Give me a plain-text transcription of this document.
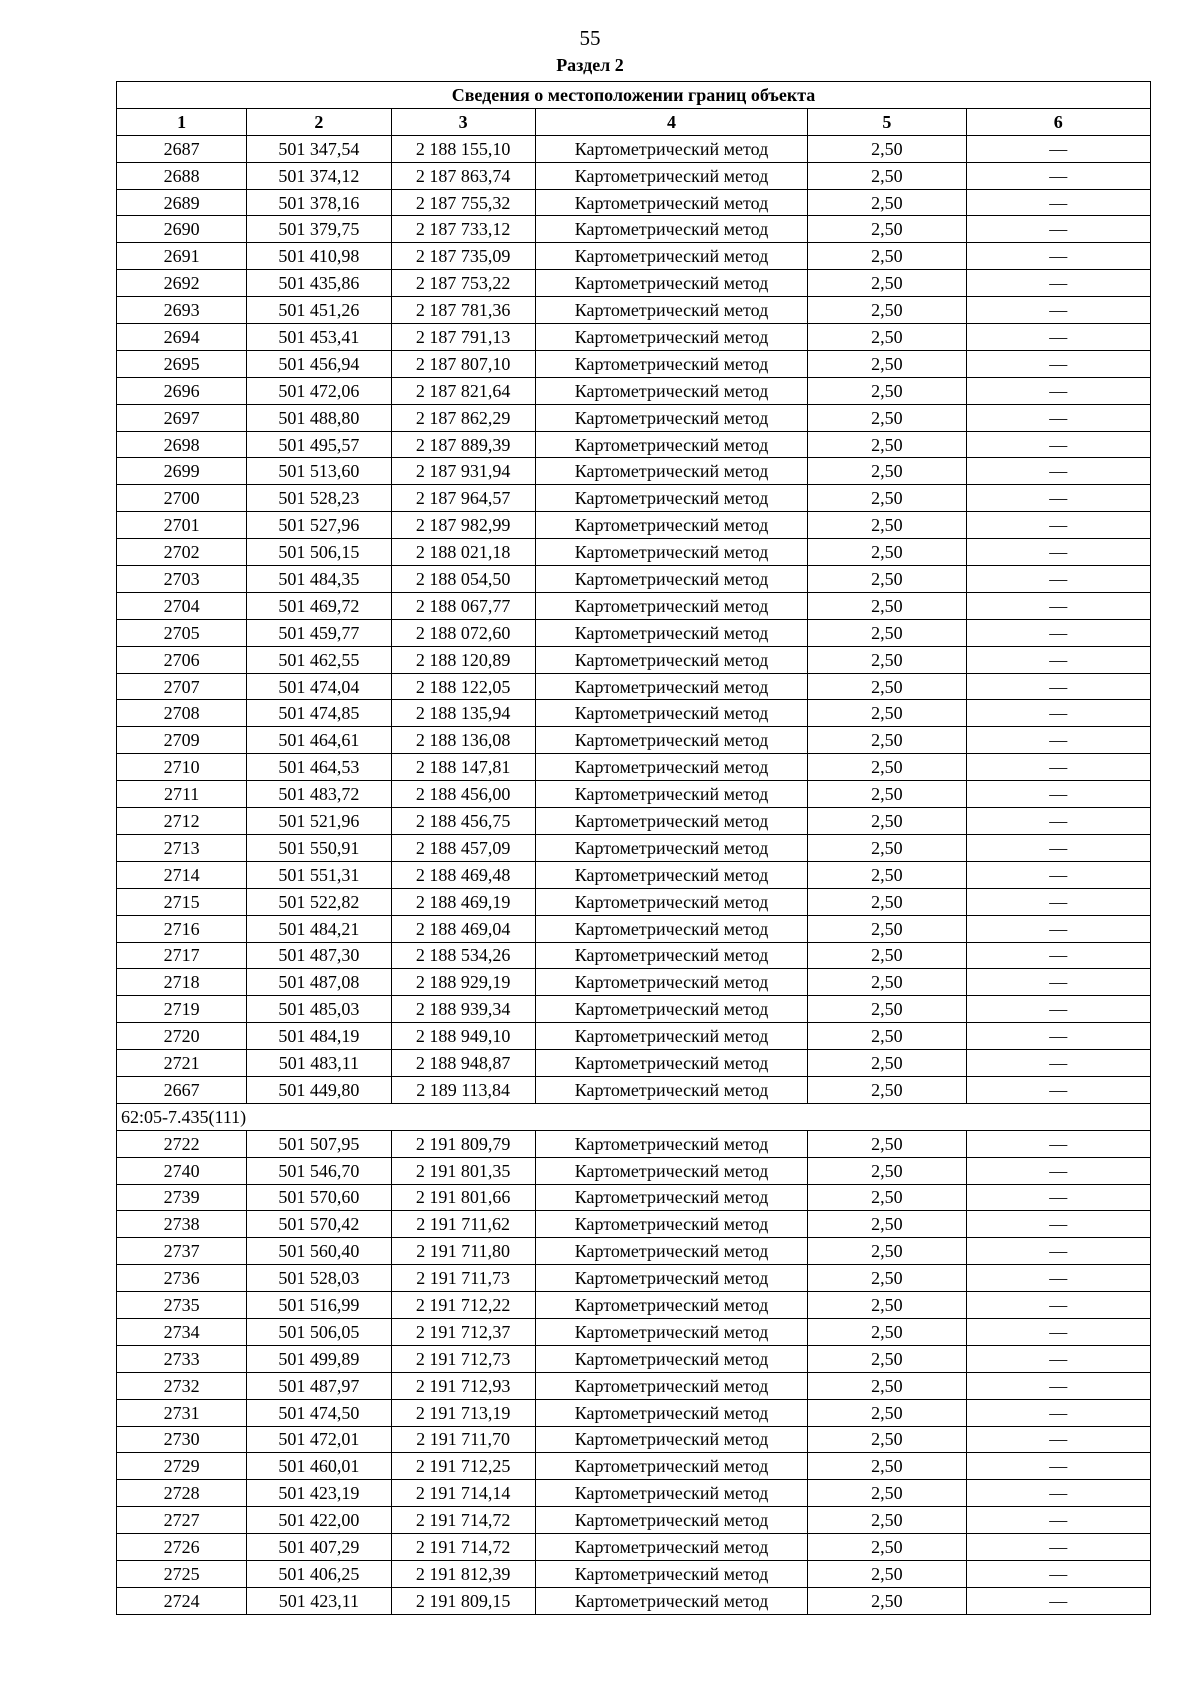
55
Раздел 2
Сведения о местоположении границ объекта					
1	2	3	4	5	6
2687	501 347,54	2 188 155,10	Картометрический метод	2,50	—
2688	501 374,12	2 187 863,74	Картометрический метод	2,50	—
2689	501 378,16	2 187 755,32	Картометрический метод	2,50	—
2690	501 379,75	2 187 733,12	Картометрический метод	2,50	—
2691	501 410,98	2 187 735,09	Картометрический метод	2,50	—
2692	501 435,86	2 187 753,22	Картометрический метод	2,50	—
2693	501 451,26	2 187 781,36	Картометрический метод	2,50	—
2694	501 453,41	2 187 791,13	Картометрический метод	2,50	—
2695	501 456,94	2 187 807,10	Картометрический метод	2,50	—
2696	501 472,06	2 187 821,64	Картометрический метод	2,50	—
2697	501 488,80	2 187 862,29	Картометрический метод	2,50	—
2698	501 495,57	2 187 889,39	Картометрический метод	2,50	—
2699	501 513,60	2 187 931,94	Картометрический метод	2,50	—
2700	501 528,23	2 187 964,57	Картометрический метод	2,50	—
2701	501 527,96	2 187 982,99	Картометрический метод	2,50	—
2702	501 506,15	2 188 021,18	Картометрический метод	2,50	—
2703	501 484,35	2 188 054,50	Картометрический метод	2,50	—
2704	501 469,72	2 188 067,77	Картометрический метод	2,50	—
2705	501 459,77	2 188 072,60	Картометрический метод	2,50	—
2706	501 462,55	2 188 120,89	Картометрический метод	2,50	—
2707	501 474,04	2 188 122,05	Картометрический метод	2,50	—
2708	501 474,85	2 188 135,94	Картометрический метод	2,50	—
2709	501 464,61	2 188 136,08	Картометрический метод	2,50	—
2710	501 464,53	2 188 147,81	Картометрический метод	2,50	—
2711	501 483,72	2 188 456,00	Картометрический метод	2,50	—
2712	501 521,96	2 188 456,75	Картометрический метод	2,50	—
2713	501 550,91	2 188 457,09	Картометрический метод	2,50	—
2714	501 551,31	2 188 469,48	Картометрический метод	2,50	—
2715	501 522,82	2 188 469,19	Картометрический метод	2,50	—
2716	501 484,21	2 188 469,04	Картометрический метод	2,50	—
2717	501 487,30	2 188 534,26	Картометрический метод	2,50	—
2718	501 487,08	2 188 929,19	Картометрический метод	2,50	—
2719	501 485,03	2 188 939,34	Картометрический метод	2,50	—
2720	501 484,19	2 188 949,10	Картометрический метод	2,50	—
2721	501 483,11	2 188 948,87	Картометрический метод	2,50	—
2667	501 449,80	2 189 113,84	Картометрический метод	2,50	—
62:05-7.435(111)					
2722	501 507,95	2 191 809,79	Картометрический метод	2,50	—
2740	501 546,70	2 191 801,35	Картометрический метод	2,50	—
2739	501 570,60	2 191 801,66	Картометрический метод	2,50	—
2738	501 570,42	2 191 711,62	Картометрический метод	2,50	—
2737	501 560,40	2 191 711,80	Картометрический метод	2,50	—
2736	501 528,03	2 191 711,73	Картометрический метод	2,50	—
2735	501 516,99	2 191 712,22	Картометрический метод	2,50	—
2734	501 506,05	2 191 712,37	Картометрический метод	2,50	—
2733	501 499,89	2 191 712,73	Картометрический метод	2,50	—
2732	501 487,97	2 191 712,93	Картометрический метод	2,50	—
2731	501 474,50	2 191 713,19	Картометрический метод	2,50	—
2730	501 472,01	2 191 711,70	Картометрический метод	2,50	—
2729	501 460,01	2 191 712,25	Картометрический метод	2,50	—
2728	501 423,19	2 191 714,14	Картометрический метод	2,50	—
2727	501 422,00	2 191 714,72	Картометрический метод	2,50	—
2726	501 407,29	2 191 714,72	Картометрический метод	2,50	—
2725	501 406,25	2 191 812,39	Картометрический метод	2,50	—
2724	501 423,11	2 191 809,15	Картометрический метод	2,50	—
